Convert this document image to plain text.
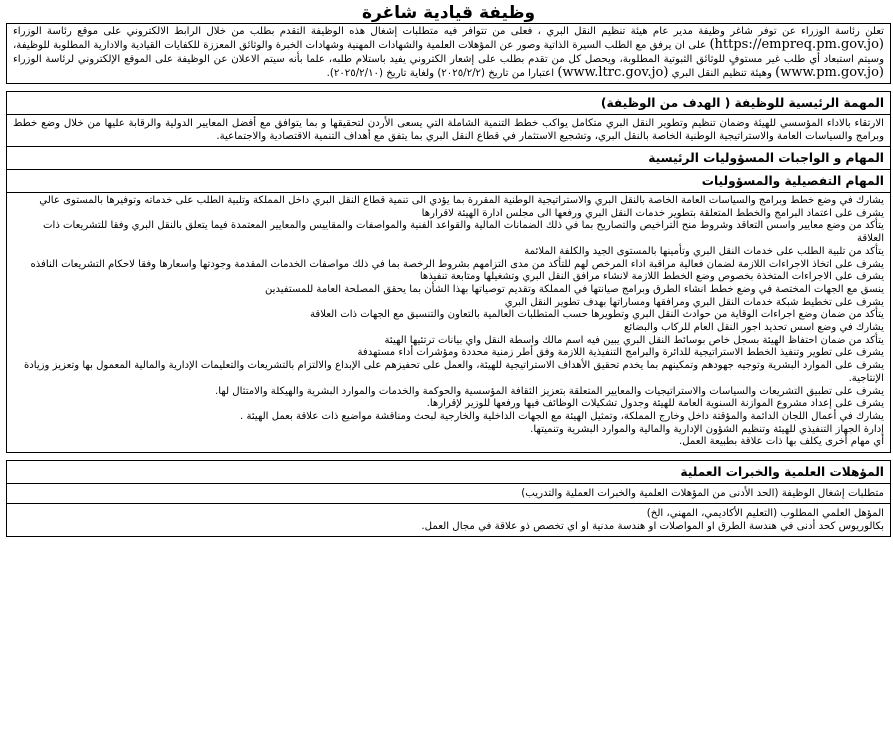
وظيفة قيادية شاغرة
تعلن رئاسة الوزراء عن توفر شاغر وظيفة مدير عام هيئة تنظيم النقل البري ، فعلى من تتوافر فيه متطلبات إشغال هذه الوظيفة التقدم بطلب من خلال الرابط الالكتروني على موقع رئاسة الوزراء (https://empreq.pm.gov.jo) على ان يرفق مع الطلب السيرة الذاتية وصور عن المؤهلات العلمية والشهادات المهنية وشهادات الخبرة والوثائق المعززة للكفايات القيادية والادارية المطلوبة للوظيفة، وسيتم استبعاد أي طلب غير مستوفٍ للوثائق الثبوتية المطلوبة، ويحصل كل من تقدم بطلب على إشعار الكتروني يفيد باستلام طلبه، علما بأنه سيتم الاعلان عن الوظيفة على الموقع الإلكتروني لرئاسة الوزراء (www.pm.gov.jo) وهيئة تنظيم النقل البري (www.ltrc.gov.jo) اعتبارا من تاريخ (٢٠٢٥/٢/٢) ولغاية تاريخ (٢٠٢٥/٢/١٠).
المهمة الرئيسية للوظيفة ( الهدف من الوظيفة)
الارتقاء بالاداء المؤسسي للهيئة وضمان تنظيم وتطوير النقل البري متكامل يواكب خطط التنمية الشاملة التي يسعى الأردن لتحقيقها و بما يتوافق مع أفضل المعايير الدولية والرقابة عليها من خلال وضع خطط وبرامج والسياسات العامة والاستراتيجية الوطنية الخاصة بالنقل البري، وتشجيع الاستثمار في قطاع النقل البري بما يتفق مع أهداف التنمية الاقتصادية والاجتماعية.
المهام و الواجبات المسؤوليات الرئيسية
المهام التفصيلية والمسؤوليات
يشارك في وضع خطط وبرامج والسياسات العامة الخاصة بالنقل البري والاستراتيجية الوطنية المقررة بما يؤدي الى تنمية قطاع النقل البري داخل المملكة وتلبية الطلب على خدماته وتوفيرها بالمستوى عالي
يشرف على اعتماد البرامج والخطط المتعلقة بتطوير خدمات النقل البري ورفعها الى مجلس ادارة الهيئة لاقرارها
يتأكد من وضع معايير واسس التعاقد وشروط منح التراخيص والتصاريح بما في ذلك الضمانات المالية والقواعد الفنية والمواصفات والمقاييس والمعايير المعتمدة فيما يتعلق بالنقل البري وفقا للتشريعات ذات العلاقة
يتأكد من تلبية الطلب على خدمات النقل البري وتأمينها بالمستوى الجيد والكلفة الملائمة
يشرف على اتخاذ الاجراءات اللازمة لضمان فعالية مراقبة اداء المرخص لهم للتأكد من مدى التزامهم بشروط الرخصة بما في ذلك مواصفات الخدمات المقدمة وجودتها واسعارها وفقا لاحكام التشريعات النافذه
يشرف على الاجراءات المتخذة بخصوص وضع الخطط اللازمة لانشاء مرافق النقل البري وتشغيلها ومتابعة تنفيذها
ينسق مع الجهات المختصة في وضع خطط انشاء الطرق وبرامج صيانتها في المملكة وتقديم توصياتها بهذا الشأن بما يحقق المصلحة العامة للمستفيدين
يشرف على تخطيط شبكة خدمات النقل البري ومرافقها ومساراتها بهدف تطوير النقل البري
يتأكد من ضمان وضع اجراءات الوقاية من حوادث النقل البري وتطويرها حسب المتطلبات العالمية بالتعاون والتنسيق مع الجهات ذات العلاقة
يشارك في وضع اسس تحديد اجور النقل العام للركاب والبضائع
يتأكد من ضمان احتفاظ الهيئة بسجل خاص بوسائط النقل البري يبين فيه اسم مالك واسطة النقل واي بيانات ترتئيها الهيئة
يشرف على تطوير وتنفيذ الخطط الاستراتيجية للدائرة والبرامج التنفيذية اللازمة وفق أطر زمنية محددة ومؤشرات أداء مستهدفة
يشرف على الموارد البشرية وتوجيه جهودهم وتمكينهم بما يخدم تحقيق الأهداف الاستراتيجية للهيئة، والعمل على تحفيزهم على الإبداع والالتزام بالتشريعات والتعليمات الإدارية والمالية المعمول بها وتعزيز وزيادة الإنتاجية.
يشرف على تطبيق التشريعات والسياسات والاستراتيجيات والمعايير المتعلقة بتعزيز الثقافة المؤسسية والحوكمة والخدمات والموارد البشرية والهيكلة والامتثال لها.
يشرف على إعداد مشروع الموازنة السنوية العامة للهيئة وجدول تشكيلات الوظائف فيها ورفعها للوزير لإقرارها.
يشارك في أعمال اللجان الدائمة والمؤقتة داخل وخارج المملكة، وتمثيل الهيئة مع الجهات الداخلية والخارجية لبحث ومناقشة مواضيع ذات علاقة بعمل الهيئة .
إدارة الجهاز التنفيذي للهيئة وتنظيم الشؤون الإدارية والمالية والموارد البشرية وتنميتها.
أي مهام أخرى يكلف بها ذات علاقة بطبيعة العمل.
المؤهلات العلمية والخبرات العملية
متطلبات إشغال الوظيفة (الحد الأدنى من المؤهلات العلمية والخبرات العملية والتدريب)
المؤهل العلمي المطلوب (التعليم الأكاديمي، المهني، الخ)
بكالوريوس كحد أدنى في هندسة الطرق او المواصلات او هندسة مدنية او اي تخصص ذو علاقة في مجال العمل.
